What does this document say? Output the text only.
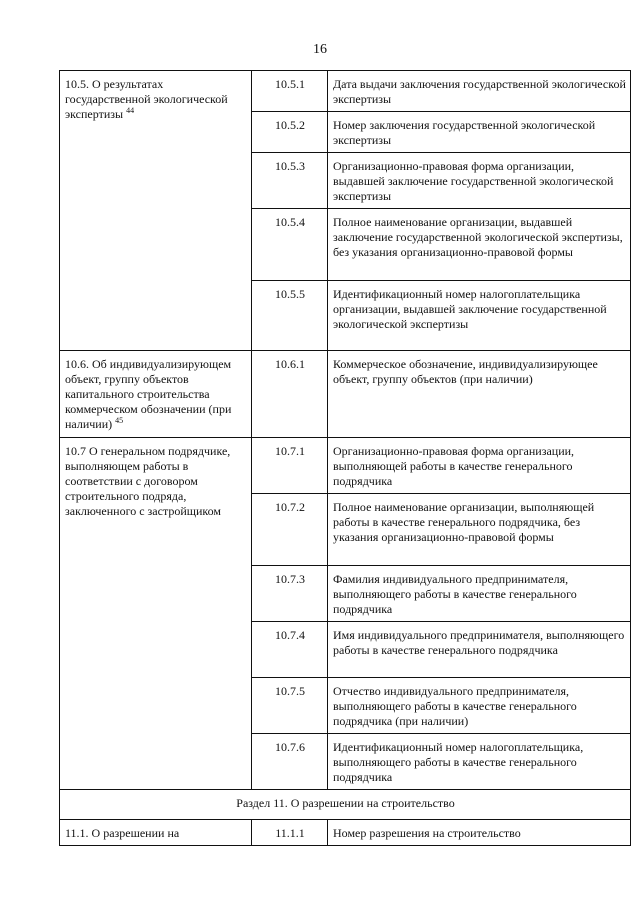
16
10.5. О результатах государственной экологической экспертизы $^{44}$	10.5.1	Дата выдачи заключения государственной экологической экспертизы
	10.5.2	Номер заключения государственной экологической экспертизы
	10.5.3	Организационно-правовая форма организации, выдавшей заключение государственной экологической экспертизы
	10.5.4	Полное наименование организации, выдавшей заключение государственной экологической экспертизы, без указания организационно-правовой формы
	10.5.5	Идентификационный номер налогоплательщика организации, выдавшей заключение государственной экологической экспертизы
10.6. Об индивидуализирующем объект, группу объектов капитального строительства коммерческом обозначении (при наличии) $^{45}$	10.6.1	Коммерческое обозначение, индивидуализирующее объект, группу объектов (при наличии)
10.7 О генеральном подрядчике, выполняющем работы в соответствии с договором строительного подряда, заключенного с застройщиком	10.7.1	Организационно-правовая форма организации, выполняющей работы в качестве генерального подрядчика
	10.7.2	Полное наименование организации, выполняющей работы в качестве генерального подрядчика, без указания организационно-правовой формы
	10.7.3	Фамилия индивидуального предпринимателя, выполняющего работы в качестве генерального подрядчика
	10.7.4	Имя индивидуального предпринимателя, выполняющего работы в качестве генерального подрядчика
	10.7.5	Отчество индивидуального предпринимателя, выполняющего работы в качестве генерального подрядчика (при наличии)
	10.7.6	Идентификационный номер налогоплательщика, выполняющего работы в качестве генерального подрядчика
Раздел 11. О разрешении на строительство		
11.1. О разрешении на	11.1.1	Номер разрешения на строительство
